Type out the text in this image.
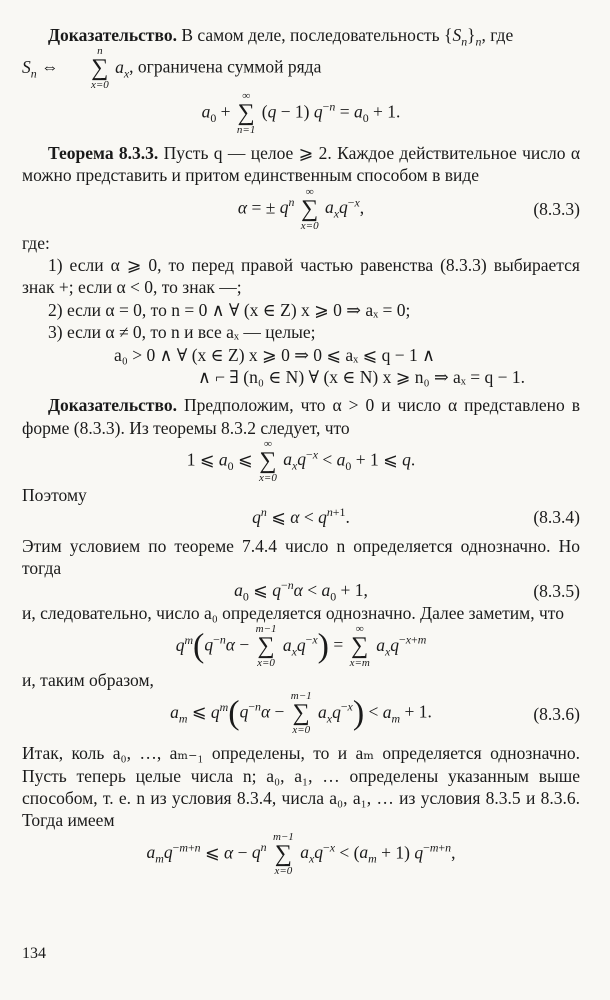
Доказательство. В самом деле, последовательность $\{S_n\}_n$, где
$S_n$ ⇔
n
∑
x=0
$a_x$, ограничена суммой ряда

$a_0$ +
∞
∑
n=1
(q − 1) $q^{-n} = a_0 + 1$.

Теорема 8.3.3. Пусть q — целое ⩾ 2. Каждое действительное число α можно представить и притом единственным способом в виде

α = ± $q^n$
∞
∑
x=0
$a_xq^{-x}$,	(8.3.3)

где:

1) если α ⩾ 0, то перед правой частью равенства (8.3.3) выбирается знак +; если α < 0, то знак —;

2) если α = 0, то n = 0 ∧ ∀ (x ∈ Z) x ⩾ 0 ⇒ aₓ = 0;

3) если α ≠ 0, то n и все aₓ — целые;

a₀ > 0 ∧ ∀ (x ∈ Z) x ⩾ 0 ⇒ 0 ⩽ aₓ ⩽ q − 1 ∧

∧ ⌐ ∃ (n₀ ∈ N) ∀ (x ∈ N) x ⩾ n₀ ⇒ aₓ = q − 1.

Доказательство. Предположим, что α > 0 и число α представлено в форме (8.3.3). Из теоремы 8.3.2 следует, что

1 ⩽ $a_0$ ⩽
∞
∑
x=0
$a_xq^{-x} < a_0 + 1$ ⩽ q.

Поэтому

$q^n$ ⩽ $\alpha < q^{n+1}$.	(8.3.4)

Этим условием по теореме 7.4.4 число n определяется однозначно. Но тогда

$a_0$ ⩽ $q^{-n}\alpha < a_0 + 1$,	(8.3.5)

и, следовательно, число a₀ определяется однозначно. Далее заметим, что

$q^m(q^{-n}\alpha$ −
m−1
∑
x=0
$a_xq^{-x}$) =
∞
∑
x=m
$a_xq^{-x+m}$

и, таким образом,

$a_m$ ⩽ $q^m(q^{-n}\alpha$ −
m−1
∑
x=0
$a_xq^{-x}) < a_m + 1$.	(8.3.6)

Итак, коль a₀, …, aₘ₋₁ определены, то и aₘ определяется однозначно. Пусть теперь целые числа n; a₀, a₁, … определены указанным выше способом, т. е. n из условия 8.3.4, числа a₀, a₁, … из условия 8.3.5 и 8.3.6. Тогда имеем

$a_mq^{-m+n}$ ⩽ $\alpha - q^n$
m−1
∑
x=0
$a_xq^{-x} < (a_m + 1)$ $q^{-m+n}$,

134
